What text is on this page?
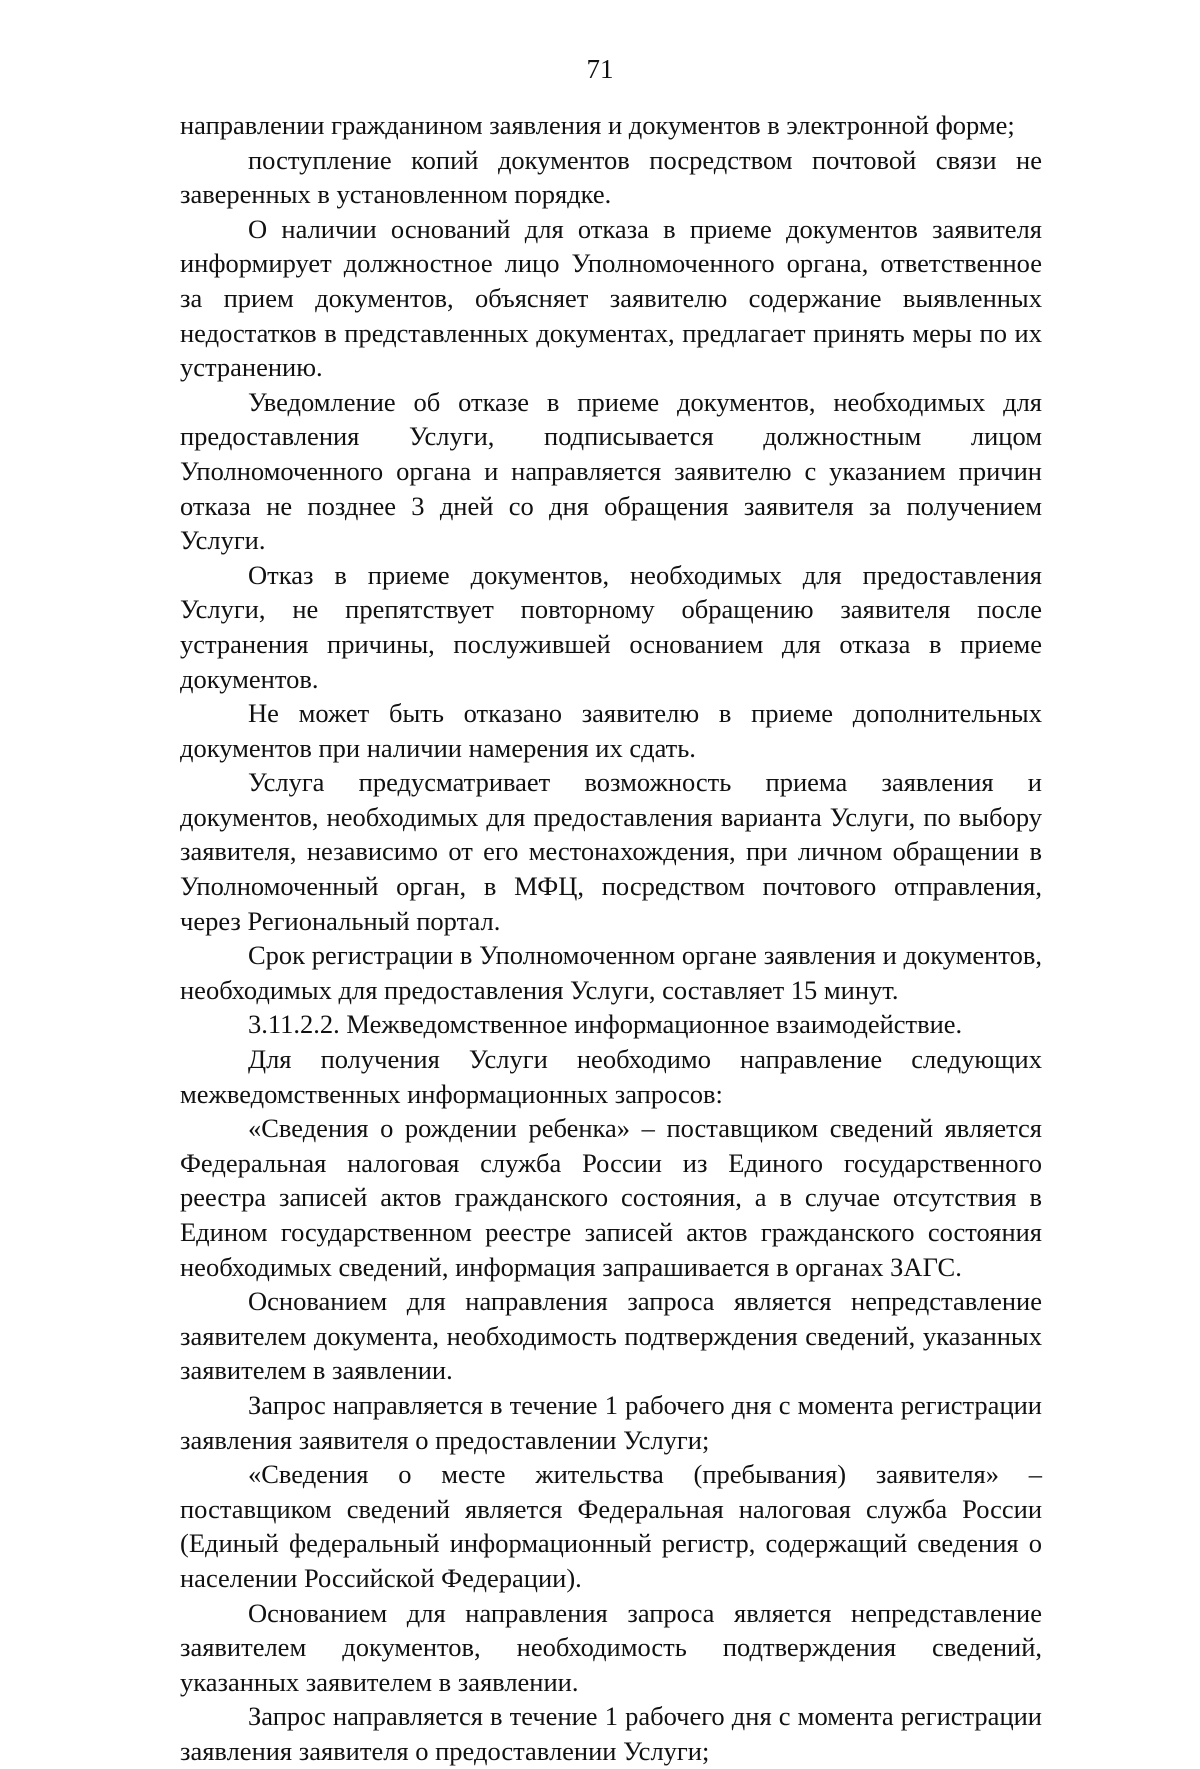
71

направлении гражданином заявления и документов в электронной форме;

поступление копий документов посредством почтовой связи не заверенных в установленном порядке.

О наличии оснований для отказа в приеме документов заявителя информирует должностное лицо Уполномоченного органа, ответственное за прием документов, объясняет заявителю содержание выявленных недостатков в представленных документах, предлагает принять меры по их устранению.

Уведомление об отказе в приеме документов, необходимых для предоставления Услуги, подписывается должностным лицом Уполномоченного органа и направляется заявителю с указанием причин отказа не позднее 3 дней со дня обращения заявителя за получением Услуги.

Отказ в приеме документов, необходимых для предоставления Услуги, не препятствует повторному обращению заявителя после устранения причины, послужившей основанием для отказа в приеме документов.

Не может быть отказано заявителю в приеме дополнительных документов при наличии намерения их сдать.

Услуга предусматривает возможность приема заявления и документов, необходимых для предоставления варианта Услуги, по выбору заявителя, независимо от его местонахождения, при личном обращении в Уполномоченный орган, в МФЦ, посредством почтового отправления, через Региональный портал.

Срок регистрации в Уполномоченном органе заявления и документов, необходимых для предоставления Услуги, составляет 15 минут.

3.11.2.2. Межведомственное информационное взаимодействие.

Для получения Услуги необходимо направление следующих межведомственных информационных запросов:

«Сведения о рождении ребенка» – поставщиком сведений является Федеральная налоговая служба России из Единого государственного реестра записей актов гражданского состояния, а в случае отсутствия в Едином государственном реестре записей актов гражданского состояния необходимых сведений, информация запрашивается в органах ЗАГС.

Основанием для направления запроса является непредставление заявителем документа, необходимость подтверждения сведений, указанных заявителем в заявлении.

Запрос направляется в течение 1 рабочего дня с момента регистрации заявления заявителя о предоставлении Услуги;

«Сведения о месте жительства (пребывания) заявителя» – поставщиком сведений является Федеральная налоговая служба России (Единый федеральный информационный регистр, содержащий сведения о населении Российской Федерации).

Основанием для направления запроса является непредставление заявителем документов, необходимость подтверждения сведений, указанных заявителем в заявлении.

Запрос направляется в течение 1 рабочего дня с момента регистрации заявления заявителя о предоставлении Услуги;
